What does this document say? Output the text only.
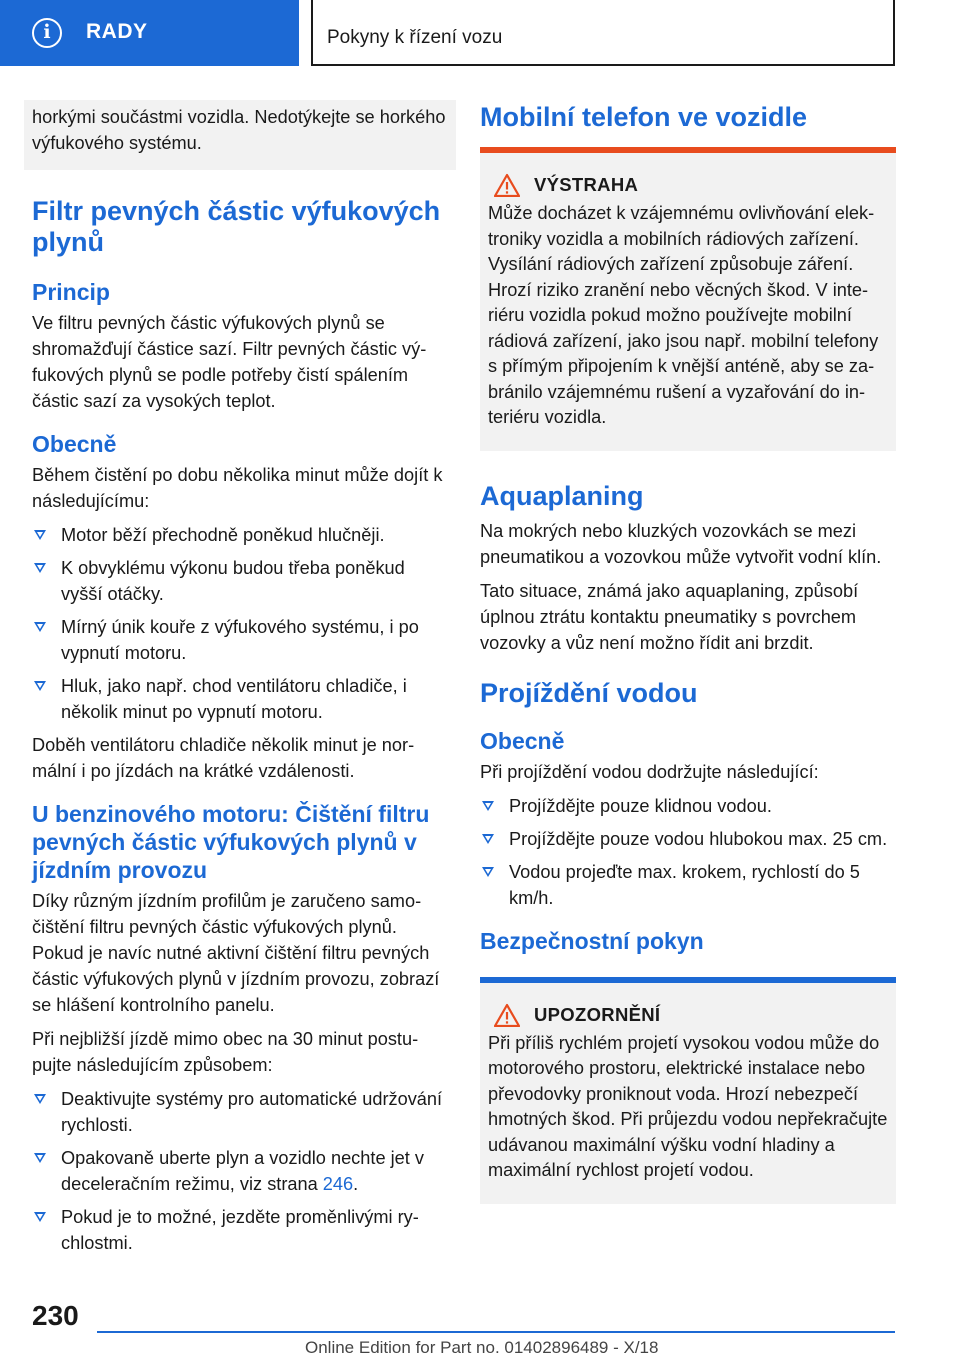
i	RADY	Pokyny k řízení vozu
horkými součástmi vozidla. Nedotýkejte se horkého výfukového systému.
Filtr pevných částic výfukových plynů
Princip
Ve filtru pevných částic výfukových plynů se shromažďují částice sazí. Filtr pevných částic výfukových plynů se podle potřeby čistí spálením částic sazí za vysokých teplot.
Obecně
Během čistění po dobu několika minut může dojít k následujícímu:
Motor běží přechodně poněkud hlučněji.
K obvyklému výkonu budou třeba poněkud vyšší otáčky.
Mírný únik kouře z výfukového systému, i po vypnutí motoru.
Hluk, jako např. chod ventilátoru chladiče, i několik minut po vypnutí motoru.
Doběh ventilátoru chladiče několik minut je normální i po jízdách na krátké vzdálenosti.
U benzinového motoru: Čištění filtru pevných částic výfukových plynů v jízdním provozu
Díky různým jízdním profilům je zaručeno samočištění filtru pevných částic výfukových plynů. Pokud je navíc nutné aktivní čištění filtru pevných částic výfukových plynů v jízdním provozu, zobrazí se hlášení kontrolního panelu.
Při nejbližší jízdě mimo obec na 30 minut postupujte následujícím způsobem:
Deaktivujte systémy pro automatické udržování rychlosti.
Opakovaně uberte plyn a vozidlo nechte jet v deceleračním režimu, viz strana 246.
Pokud je to možné, jezděte proměnlivými rychlostmi.
Mobilní telefon ve vozidle
VÝSTRAHA
Může docházet k vzájemnému ovlivňování elektroniky vozidla a mobilních rádiových zařízení. Vysílání rádiových zařízení způsobuje záření. Hrozí riziko zranění nebo věcných škod. V interiéru vozidla pokud možno používejte mobilní rádiová zařízení, jako jsou např. mobilní telefony s přímým připojením k vnější anténě, aby se zabránilo vzájemnému rušení a vyzařování do interiéru vozidla.
Aquaplaning
Na mokrých nebo kluzkých vozovkách se mezi pneumatikou a vozovkou může vytvořit vodní klín.
Tato situace, známá jako aquaplaning, způsobí úplnou ztrátu kontaktu pneumatiky s povrchem vozovky a vůz není možno řídit ani brzdit.
Projíždění vodou
Obecně
Při projíždění vodou dodržujte následující:
Projíždějte pouze klidnou vodou.
Projíždějte pouze vodou hlubokou max. 25 cm.
Vodou projeďte max. krokem, rychlostí do 5 km/h.
Bezpečnostní pokyn
UPOZORNĚNÍ
Při příliš rychlém projetí vysokou vodou může do motorového prostoru, elektrické instalace nebo převodovky proniknout voda. Hrozí nebezpečí hmotných škod. Při průjezdu vodou nepřekračujte udávanou maximální výšku vodní hladiny a maximální rychlost projetí vodou.
230
Online Edition for Part no. 01402896489 - X/18
